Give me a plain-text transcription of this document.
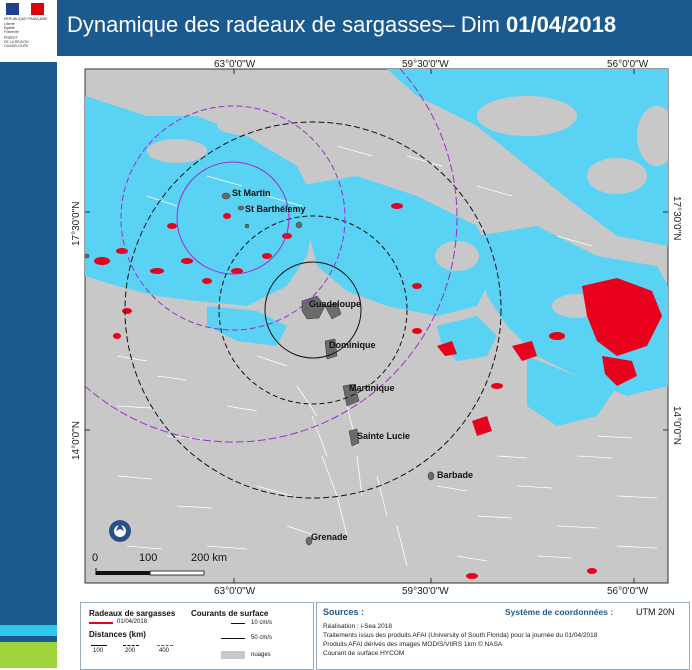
RÉPUBLIQUE FRANÇAISE
Liberté
Égalité
Fraternité
PRÉFET
DE LA RÉGION
GUADELOUPE
Dynamique des radeaux de sargasses– Dim 01/04/2018
63°0'0"W	59°30'0"W	56°0'0"W
63°0'0"W	59°30'0"W	56°0'0"W
17°30'0"N
14°0'0"N
17°30'0"N
14°0'0"N
St Martin
St Barthélemy
Guadeloupe
Dominique
Martinique
Sainte Lucie
Barbade
Grenade
0	100	200 km
Radeaux de sargasses
01/04/2018
Distances (km)
100	200	400
Courants de surface
10 cm/s
50 cm/s
nuages
Sources :	Système de coordonnées :	UTM 20N
Réalisation : i-Sea 2018
Traitements issus des produits AFAI (University of South Florida) pour la journée du 01/04/2018
Produits AFAI dérivés des images MODIS/VIIRS 1km © NASA
Courant de surface HYCOM
